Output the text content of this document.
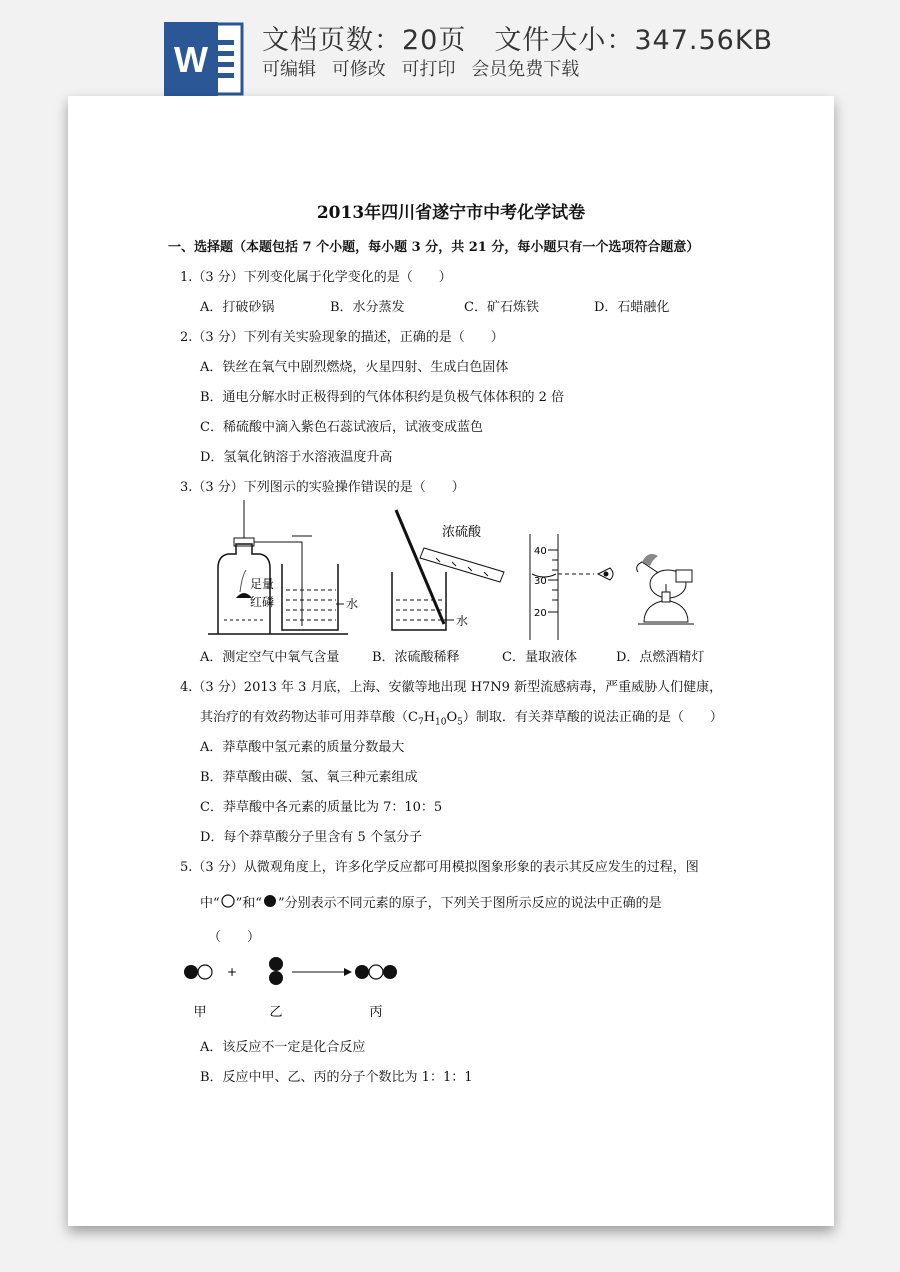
W 文档页数：20页 文件大小：347.56KB
可编辑 可修改 可打印 会员免费下载
2013年四川省遂宁市中考化学试卷
一、选择题（本题包括 7 个小题，每小题 3 分，共 21 分，每小题只有一个选项符合题意）
1.（3 分）下列变化属于化学变化的是（　　）
A．打破砂锅	B．水分蒸发	C．矿石炼铁	D．石蜡融化
2.（3 分）下列有关实验现象的描述，正确的是（　　）
A．铁丝在氧气中剧烈燃烧，火星四射、生成白色固体
B．通电分解水时正极得到的气体体积约是负极气体体积的 2 倍
C．稀硫酸中滴入紫色石蕊试液后，试液变成蓝色
D．氢氧化钠溶于水溶液温度升高
3.（3 分）下列图示的实验操作错误的是（　　）
足量
红磷	水
浓硫酸
水
40
30
20
A．测定空气中氧气含量	B．浓硫酸稀释	C．量取液体	D．点燃酒精灯
4.（3 分）2013 年 3 月底，上海、安徽等地出现 H7N9 新型流感病毒，严重威胁人们健康，
其治疗的有效药物达菲可用莽草酸$(C_7H_{10}O_5)$制取．有关莽草酸的说法正确的是（　　）
A．莽草酸中氢元素的质量分数最大
B．莽草酸由碳、氢、氧三种元素组成
C．莽草酸中各元素的质量比为 7：10：5
D．每个莽草酸分子里含有 5 个氢分子
5.（3 分）从微观角度上，许多化学反应都可用模拟图象形象的表示其反应发生的过程，图
中“ ”和“ ”分别表示不同元素的原子，下列关于图所示反应的说法中正确的是
（　　）
+
甲	乙	丙
A．该反应不一定是化合反应
B．反应中甲、乙、丙的分子个数比为 1：1：1
